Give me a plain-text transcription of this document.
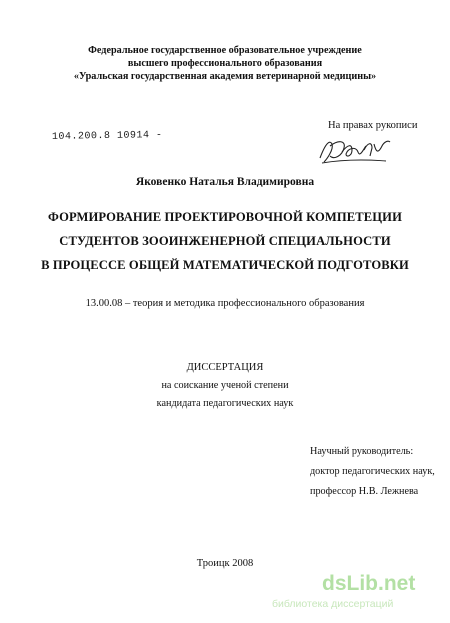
Федеральное государственное образовательное учреждение
высшего профессионального образования
«Уральская государственная академия ветеринарной медицины»
На правах рукописи
104.200.8 10914 -
Яковенко Наталья Владимировна
ФОРМИРОВАНИЕ ПРОЕКТИРОВОЧНОЙ КОМПЕТЕЦИИ
СТУДЕНТОВ ЗООИНЖЕНЕРНОЙ СПЕЦИАЛЬНОСТИ
В ПРОЦЕССЕ ОБЩЕЙ МАТЕМАТИЧЕСКОЙ ПОДГОТОВКИ
13.00.08 – теория и методика профессионального образования
ДИССЕРТАЦИЯ
на соискание ученой степени
кандидата педагогических наук
Научный руководитель:
доктор педагогических наук,
профессор Н.В. Лежнева
Троицк 2008
dsLib.net
библиотека диссертаций
